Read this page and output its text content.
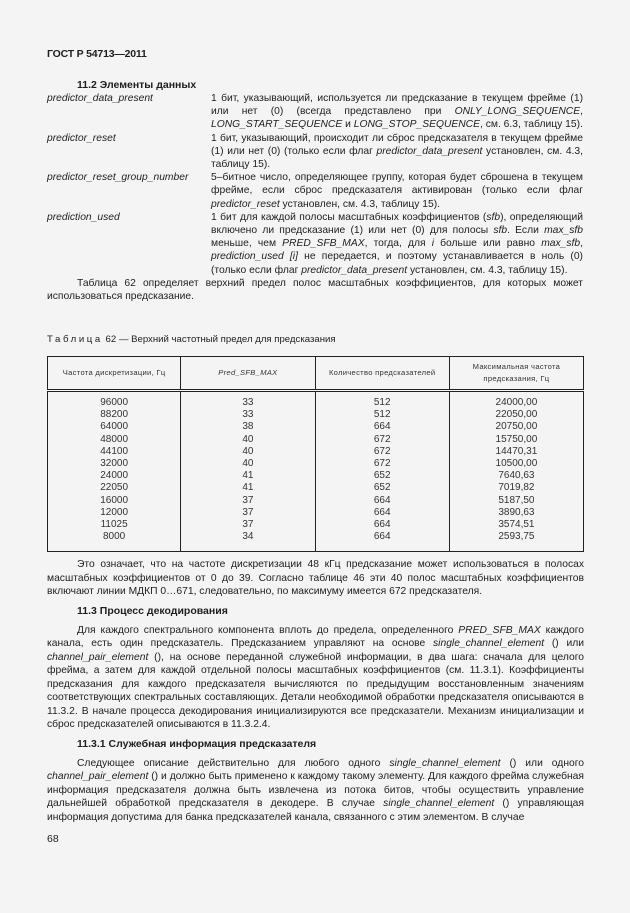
ГОСТ Р 54713—2011
11.2 Элементы данных
predictor_data_present	1 бит, указывающий, используется ли предсказание в текущем фрейме (1) или нет (0) (всегда представлено при ONLY_LONG_SEQUENCE, LONG_START_SEQUENCE и LONG_STOP_SEQUENCE, см. 6.3, таблицу 15).
predictor_reset	1 бит, указывающий, происходит ли сброс предсказателя в текущем фрейме (1) или нет (0) (только если флаг predictor_data_present установлен, см. 4.3, таблицу 15).
predictor_reset_group_number	5–битное число, определяющее группу, которая будет сброшена в текущем фрейме, если сброс предсказателя активирован (только если флаг predictor_reset установлен, см. 4.3, таблицу 15).
prediction_used	1 бит для каждой полосы масштабных коэффициентов (sfb), определяющий включено ли предсказание (1) или нет (0) для полосы sfb. Если max_sfb меньше, чем PRED_SFB_MAX, тогда, для i больше или равно max_sfb, prediction_used [i] не передается, и поэтому устанавливается в ноль (0) (только если флаг predictor_data_present установлен, см. 4.3, таблицу 15).
Таблица 62 определяет верхний предел полос масштабных коэффициентов, для которых может использоваться предсказание.
Таблица 62 — Верхний частотный предел для предсказания
Частота дискретизации, Гц	Pred_SFB_MAX	Количество предсказателей	Максимальная частота предсказания, Гц
96000	33	512	24000,00
88200	33	512	22050,00
64000	38	664	20750,00
48000	40	672	15750,00
44100	40	672	14470,31
32000	40	672	10500,00
24000	41	652	7640,63
22050	41	652	7019,82
16000	37	664	5187,50
12000	37	664	3890,63
11025	37	664	3574,51
8000	34	664	2593,75
Это означает, что на частоте дискретизации 48 кГц предсказание может использоваться в полосах масштабных коэффициентов от 0 до 39. Согласно таблице 46 эти 40 полос масштабных коэффициентов включают линии МДКП 0…671, следовательно, по максимуму имеется 672 предсказателя.
11.3 Процесс декодирования
Для каждого спектрального компонента вплоть до предела, определенного PRED_SFB_MAX каждого канала, есть один предсказатель. Предсказанием управляют на основе single_channel_element () или channel_pair_element (), на основе переданной служебной информации, в два шага: сначала для целого фрейма, а затем для каждой отдельной полосы масштабных коэффициентов (см. 11.3.1). Коэффициенты предсказания для каждого предсказателя вычисляются по предыдущим восстановленным значениям соответствующих спектральных составляющих. Детали необходимой обработки предсказателя описываются в 11.3.2. В начале процесса декодирования инициализируются все предсказатели. Механизм инициализации и сброс предсказателей описываются в 11.3.2.4.
11.3.1 Служебная информация предсказателя
Следующее описание действительно для любого одного single_channel_element () или одного channel_pair_element () и должно быть применено к каждому такому элементу. Для каждого фрейма служебная информация предсказателя должна быть извлечена из потока битов, чтобы осуществить управление дальнейшей обработкой предсказателя в декодере. В случае single_channel_element () управляющая информация допустима для банка предсказателей канала, связанного с этим элементом. В случае
68
